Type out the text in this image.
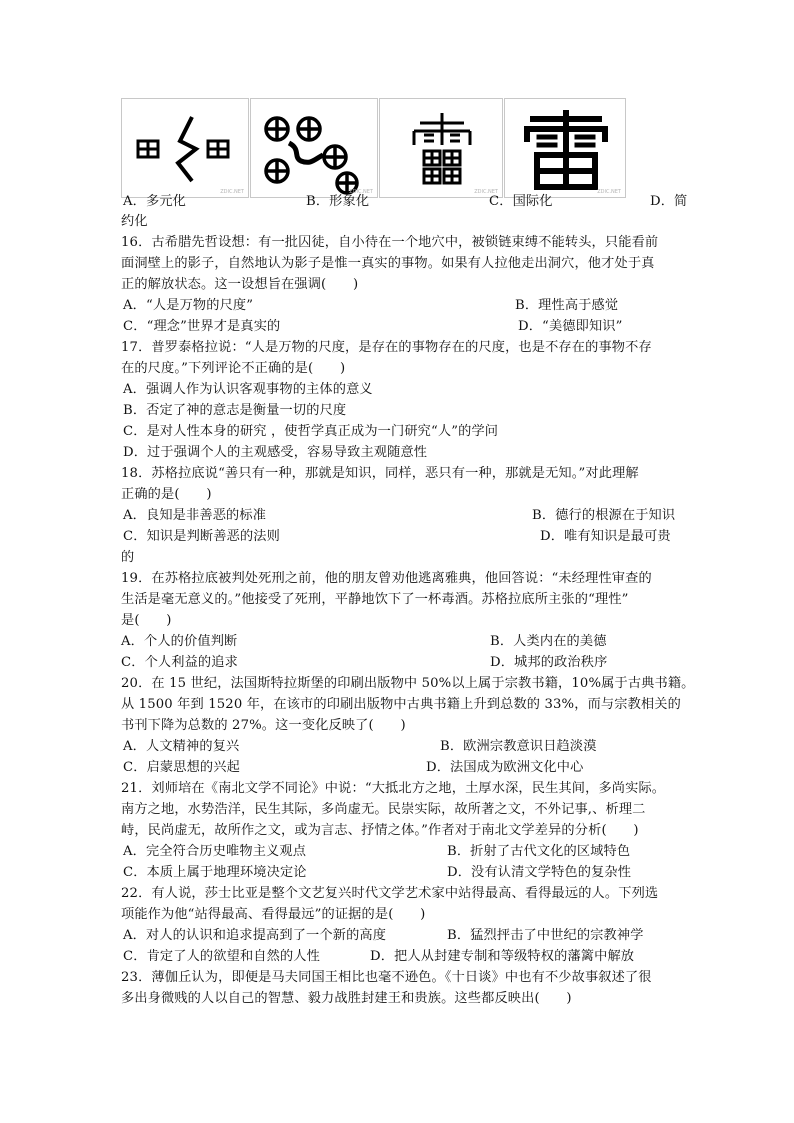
ZDIC.NET	ZDIC.NET	ZDIC.NET	ZDIC.NET
A．多元化	B．形象化	C．国际化	D．简
约化
16．古希腊先哲设想：有一批囚徒，自小待在一个地穴中，被锁链束缚不能转头，只能看前
面洞壁上的影子，自然地认为影子是惟一真实的事物。如果有人拉他走出洞穴，他才处于真
正的解放状态。这一设想旨在强调(　　)
A．“人是万物的尺度”	B．理性高于感觉
C．“理念”世界才是真实的	D．“美德即知识”
17．普罗泰格拉说：“人是万物的尺度，是存在的事物存在的尺度，也是不存在的事物不存
在的尺度。”下列评论不正确的是(　　)
A．强调人作为认识客观事物的主体的意义
B．否定了神的意志是衡量一切的尺度
C．是对人性本身的研究 ，使哲学真正成为一门研究“人”的学问
D．过于强调个人的主观感受，容易导致主观随意性
18．苏格拉底说“善只有一种，那就是知识，同样，恶只有一种，那就是无知。”对此理解
正确的是(　　)
A．良知是非善恶的标准	B．德行的根源在于知识
C．知识是判断善恶的法则	D．唯有知识是最可贵
的
19．在苏格拉底被判处死刑之前，他的朋友曾劝他逃离雅典，他回答说：“未经理性审查的
生活是毫无意义的。”他接受了死刑，平静地饮下了一杯毒酒。苏格拉底所主张的“理性”
是(　　)
A．个人的价值判断	B．人类内在的美德
C．个人利益的追求	D．城邦的政治秩序
20．在 15 世纪，法国斯特拉斯堡的印刷出版物中 50%以上属于宗教书籍，10%属于古典书籍。
从 1500 年到 1520 年，在该市的印刷出版物中古典书籍上升到总数的 33%，而与宗教相关的
书刊下降为总数的 27%。这一变化反映了(　　)
A．人文精神的复兴	B．欧洲宗教意识日趋淡漠
C．启蒙思想的兴起	D．法国成为欧洲文化中心
21．刘师培在《南北文学不同论》中说：“大抵北方之地，土厚水深，民生其间，多尚实际。
南方之地，水势浩洋，民生其际，多尚虚无。民崇实际，故所著之文，不外记事,、析理二
峙，民尚虚无，故所作之文，或为言志、抒情之体。”作者对于南北文学差异的分析(　　)
A．完全符合历史唯物主义观点	B．折射了古代文化的区域特色
C．本质上属于地理环境决定论	D．没有认清文学特色的复杂性
22．有人说，莎士比亚是整个文艺复兴时代文学艺术家中站得最高、看得最远的人。下列选
项能作为他“站得最高、看得最远”的证据的是(　　)
A．对人的认识和追求提高到了一个新的高度	B．猛烈抨击了中世纪的宗教神学
C．肯定了人的欲望和自然的人性	D．把人从封建专制和等级特权的藩篱中解放
23．薄伽丘认为，即便是马夫同国王相比也毫不逊色。《十日谈》中也有不少故事叙述了很
多出身微贱的人以自己的智慧、毅力战胜封建王和贵族。这些都反映出(　　)
